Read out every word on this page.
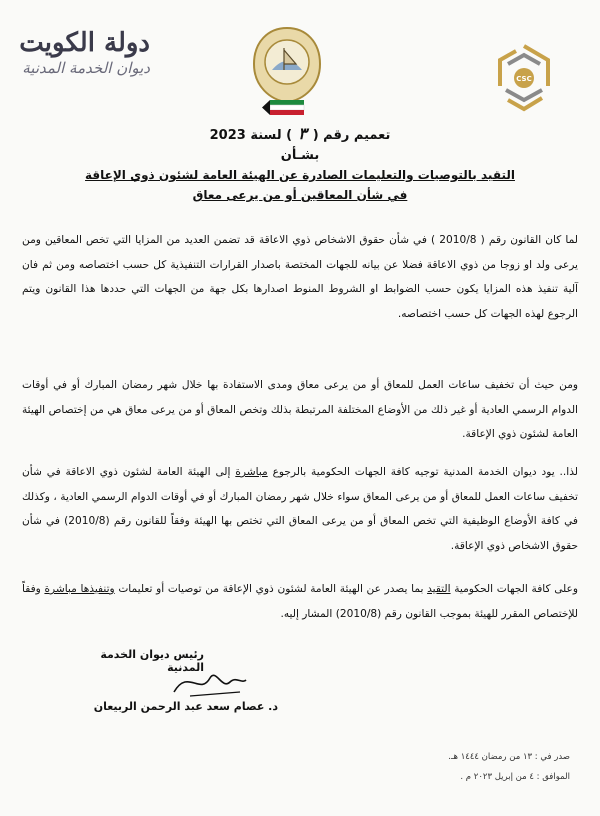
دولة الكويت
ديوان الخدمة المدنية
CSC
تعميم رقم (٣) لسنة 2023
بشـأن
التقيد بالتوصيات والتعليمات الصادرة عن الهيئة العامة لشئون ذوي الإعاقة
في شأن المعاقين أو من يرعى معاق
لما كان القانون رقم ( 2010/8 ) في شأن حقوق الاشخاص ذوي الاعاقة قد تضمن العديد من المزايا التي تخص المعاقين ومن يرعى ولد او زوجا من ذوي الاعاقة فضلا عن بيانه للجهات المختصة باصدار القرارات التنفيذية كل حسب اختصاصه ومن ثم فان آلية تنفيذ هذه المزايا يكون حسب الضوابط او الشروط المنوط اصدارها بكل جهة من الجهات التي حددها هذا القانون ويتم الرجوع لهذه الجهات كل حسب اختصاصه.
ومن حيث أن تخفيف ساعات العمل للمعاق أو من يرعى معاق ومدى الاستفادة بها خلال شهر رمضان المبارك أو في أوقات الدوام الرسمي العادية أو غير ذلك من الأوضاع المختلفة المرتبطة بذلك وتخص المعاق أو من يرعى معاق هي من إختصاص الهيئة العامة لشئون ذوي الإعاقة.
لذا.. يود ديوان الخدمة المدنية توجيه كافة الجهات الحكومية بالرجوع مباشرة إلى الهيئة العامة لشئون ذوي الاعاقة في شأن تخفيف ساعات العمل للمعاق أو من يرعى المعاق سواء خلال شهر رمضان المبارك أو في أوقات الدوام الرسمي العادية ، وكذلك في كافة الأوضاع الوظيفية التي تخص المعاق أو من يرعى المعاق التي تختص بها الهيئة وفقاً للقانون رقم (2010/8) في شأن حقوق الاشخاص ذوي الإعاقة.
وعلى كافة الجهات الحكومية التقيد بما يصدر عن الهيئة العامة لشئون ذوي الإعاقة من توصيات أو تعليمات وتنفيذها مباشرة وفقاً للإختصاص المقرر للهيئة بموجب القانون رقم (2010/8) المشار إليه.
رئيس ديوان الخدمة المدنية
د. عصام سعد عبد الرحمن الربيعان
صدر في : ١٣ من رمضان ١٤٤٤ هـ.
الموافق : ٤ من إبريل ٢٠٢٣ م .
